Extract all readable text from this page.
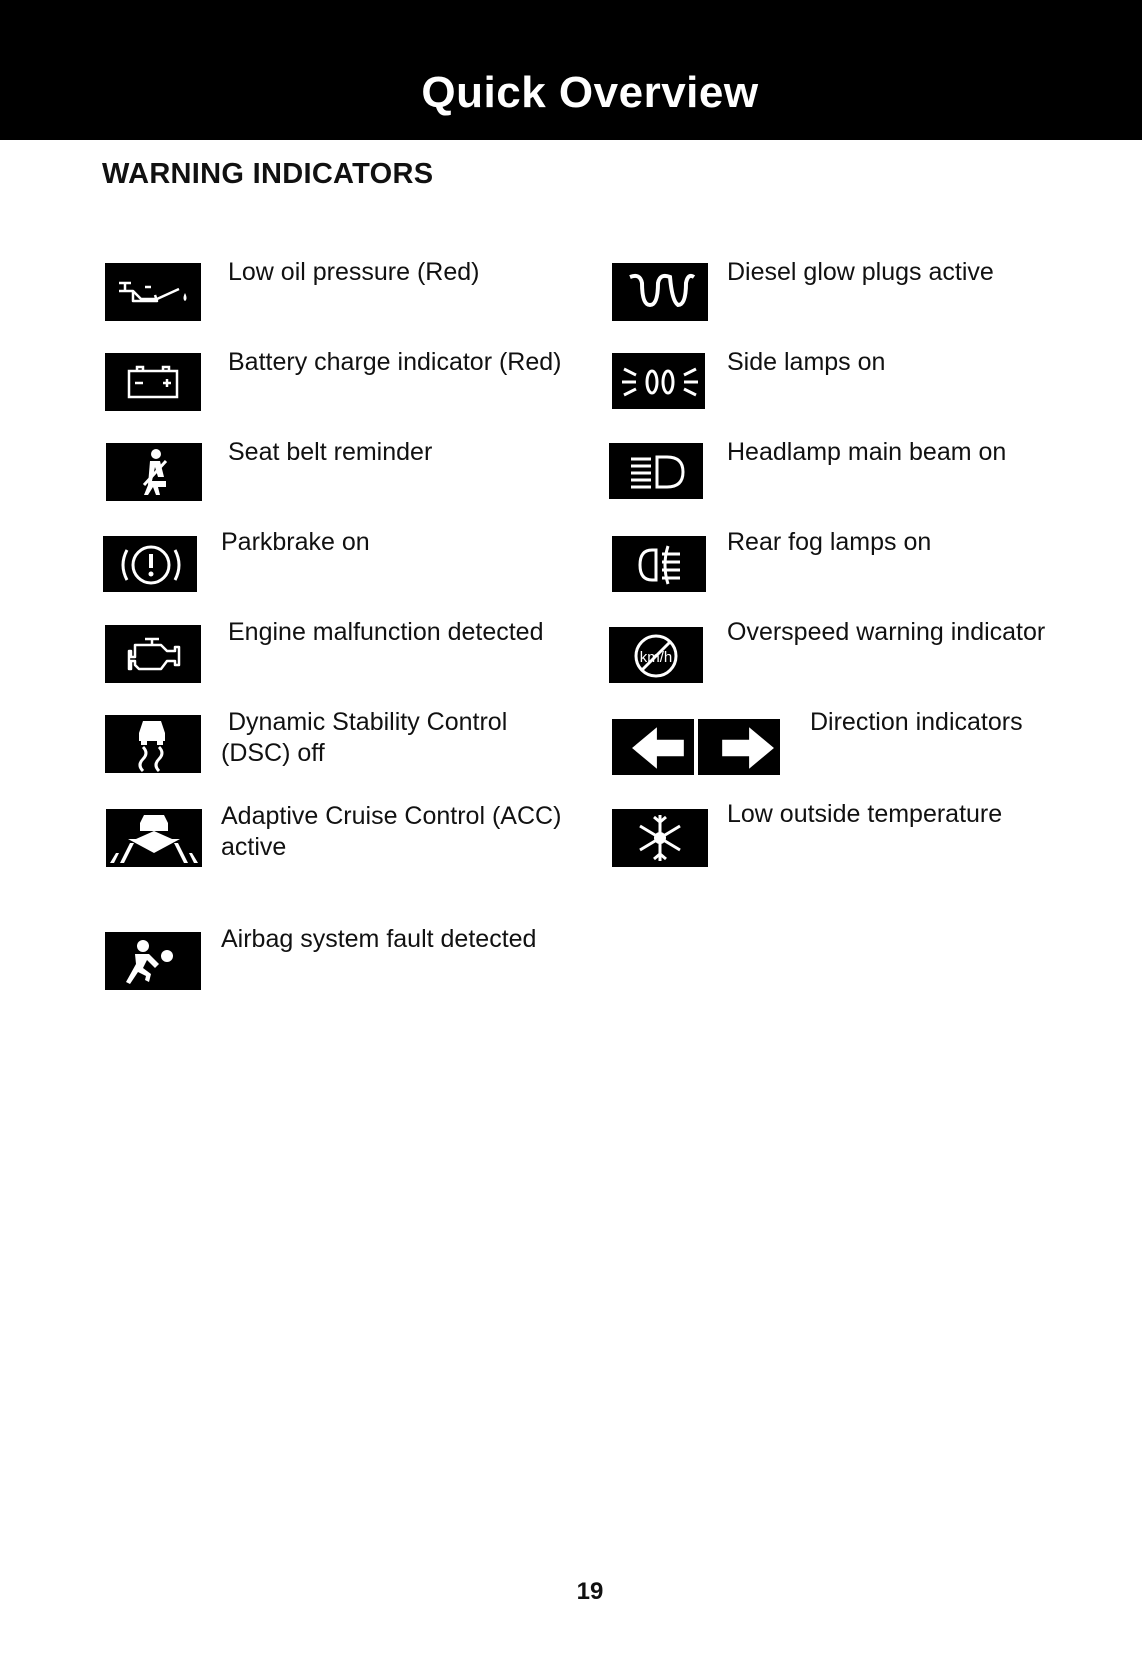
Quick Overview
WARNING INDICATORS
Low oil pressure (Red)
Battery charge indicator (Red)
Seat belt reminder
Parkbrake on
Engine malfunction detected
Dynamic Stability Control
(DSC) off
Adaptive Cruise Control (ACC)
active
Airbag system fault detected
Diesel glow plugs active
Side lamps on
Headlamp main beam on
Rear fog lamps on
km/h
Overspeed warning indicator
Direction indicators
Low outside temperature
19
